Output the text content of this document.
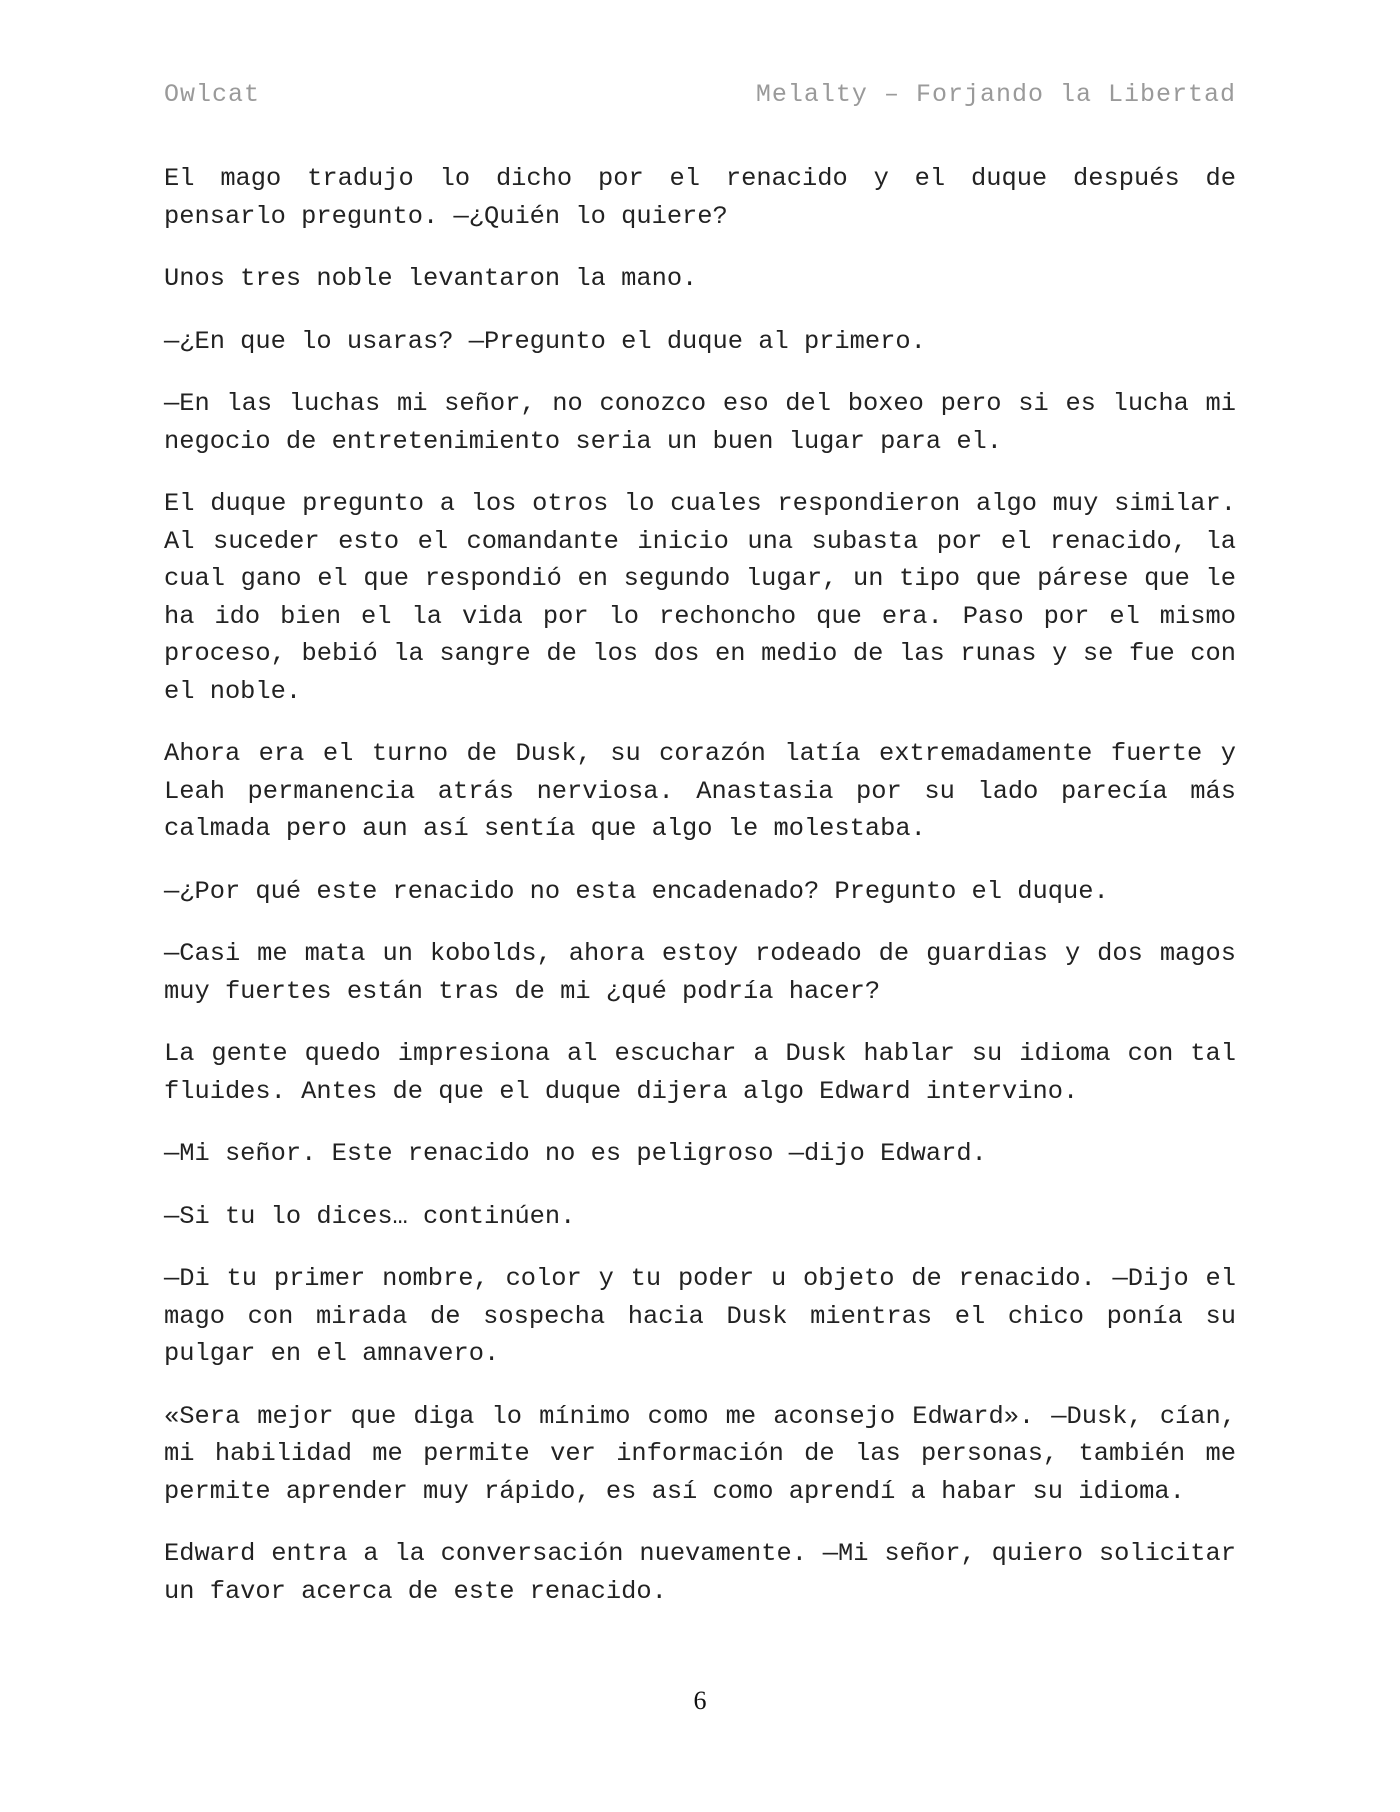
Owlcat	Melalty – Forjando la Libertad

El mago tradujo lo dicho por el renacido y el duque después de pensarlo pregunto. —¿Quién lo quiere?

Unos tres noble levantaron la mano.

—¿En que lo usaras? —Pregunto el duque al primero.

—En las luchas mi señor, no conozco eso del boxeo pero si es lucha mi negocio de entretenimiento seria un buen lugar para el.

El duque pregunto a los otros lo cuales respondieron algo muy similar. Al suceder esto el comandante inicio una subasta por el renacido, la cual gano el que respondió en segundo lugar, un tipo que párese que le ha ido bien el la vida por lo rechoncho que era. Paso por el mismo proceso, bebió la sangre de los dos en medio de las runas y se fue con el noble.

Ahora era el turno de Dusk, su corazón latía extremadamente fuerte y Leah permanencia atrás nerviosa. Anastasia por su lado parecía más calmada pero aun así sentía que algo le molestaba.

—¿Por qué este renacido no esta encadenado? Pregunto el duque.

—Casi me mata un kobolds, ahora estoy rodeado de guardias y dos magos muy fuertes están tras de mi ¿qué podría hacer?

La gente quedo impresiona al escuchar a Dusk hablar su idioma con tal fluides. Antes de que el duque dijera algo Edward intervino.

—Mi señor. Este renacido no es peligroso —dijo Edward.

—Si tu lo dices… continúen.

—Di tu primer nombre, color y tu poder u objeto de renacido. —Dijo el mago con mirada de sospecha hacia Dusk mientras el chico ponía su pulgar en el amnavero.

«Sera mejor que diga lo mínimo como me aconsejo Edward». —Dusk, cían, mi habilidad me permite ver información de las personas, también me permite aprender muy rápido, es así como aprendí a habar su idioma.

Edward entra a la conversación nuevamente. —Mi señor, quiero solicitar un favor acerca de este renacido.

6
